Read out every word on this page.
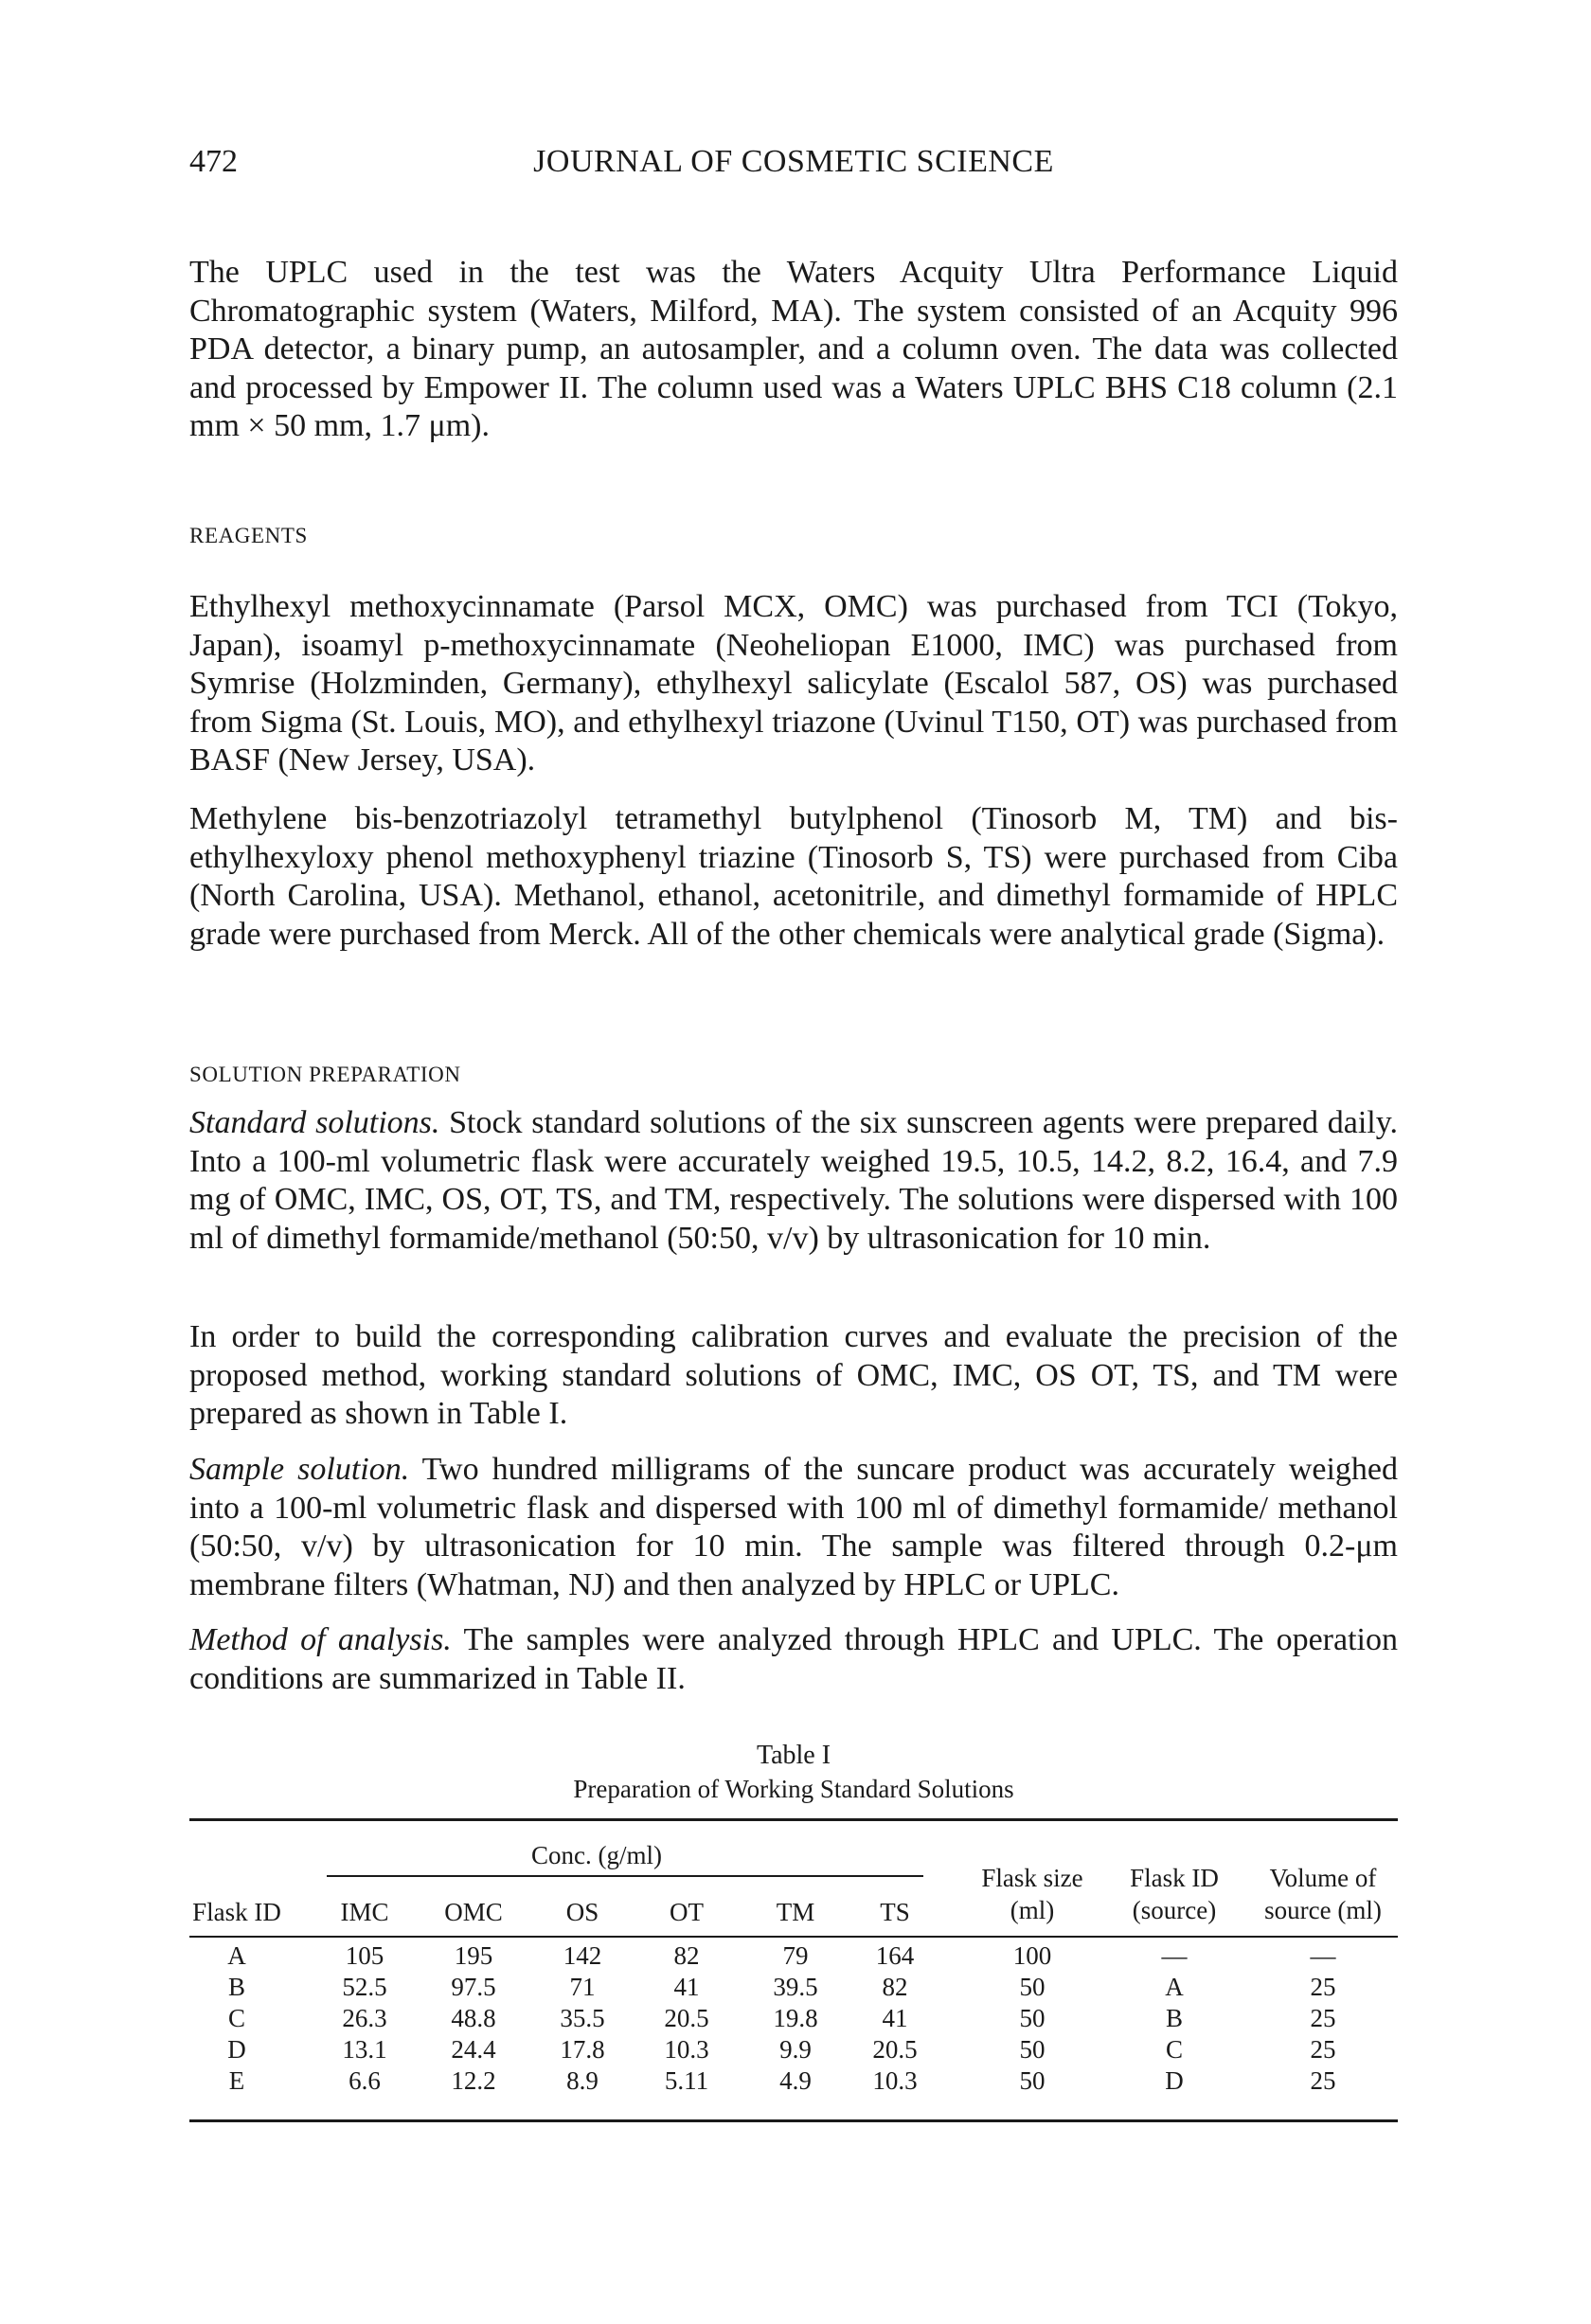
472	JOURNAL OF COSMETIC SCIENCE

The UPLC used in the test was the Waters Acquity Ultra Performance Liquid Chromatographic system (Waters, Milford, MA). The system consisted of an Acquity 996 PDA detector, a binary pump, an autosampler, and a column oven. The data was collected and processed by Empower II. The column used was a Waters UPLC BHS C18 column (2.1 mm × 50 mm, 1.7 μm).

REAGENTS

Ethylhexyl methoxycinnamate (Parsol MCX, OMC) was purchased from TCI (Tokyo, Japan), isoamyl p-methoxycinnamate (Neoheliopan E1000, IMC) was purchased from Symrise (Holzminden, Germany), ethylhexyl salicylate (Escalol 587, OS) was purchased from Sigma (St. Louis, MO), and ethylhexyl triazone (Uvinul T150, OT) was purchased from BASF (New Jersey, USA).

Methylene bis-benzotriazolyl tetramethyl butylphenol (Tinosorb M, TM) and bis-ethylhexyloxy phenol methoxyphenyl triazine (Tinosorb S, TS) were purchased from Ciba (North Carolina, USA). Methanol, ethanol, acetonitrile, and dimethyl formamide of HPLC grade were purchased from Merck. All of the other chemicals were analytical grade (Sigma).

SOLUTION PREPARATION

Standard solutions. Stock standard solutions of the six sunscreen agents were prepared daily. Into a 100-ml volumetric flask were accurately weighed 19.5, 10.5, 14.2, 8.2, 16.4, and 7.9 mg of OMC, IMC, OS, OT, TS, and TM, respectively. The solutions were dispersed with 100 ml of dimethyl formamide/methanol (50:50, v/v) by ultrasonication for 10 min.

In order to build the corresponding calibration curves and evaluate the precision of the proposed method, working standard solutions of OMC, IMC, OS OT, TS, and TM were prepared as shown in Table I.

Sample solution. Two hundred milligrams of the suncare product was accurately weighed into a 100-ml volumetric flask and dispersed with 100 ml of dimethyl formamide/ methanol (50:50, v/v) by ultrasonication for 10 min. The sample was filtered through 0.2-μm membrane filters (Whatman, NJ) and then analyzed by HPLC or UPLC.

Method of analysis. The samples were analyzed through HPLC and UPLC. The operation conditions are summarized in Table II.

Table I
Preparation of Working Standard Solutions
Conc. (g/ml)
Flask ID	IMC	OMC	OS	OT	TM	TS
Flask size (ml)
Flask ID (source)
Volume of source (ml)
A	105	195	142	82	79	164	100	—	—
B	52.5	97.5	71	41	39.5	82	50	A	25
C	26.3	48.8	35.5	20.5	19.8	41	50	B	25
D	13.1	24.4	17.8	10.3	9.9	20.5	50	C	25
E	6.6	12.2	8.9	5.11	4.9	10.3	50	D	25
